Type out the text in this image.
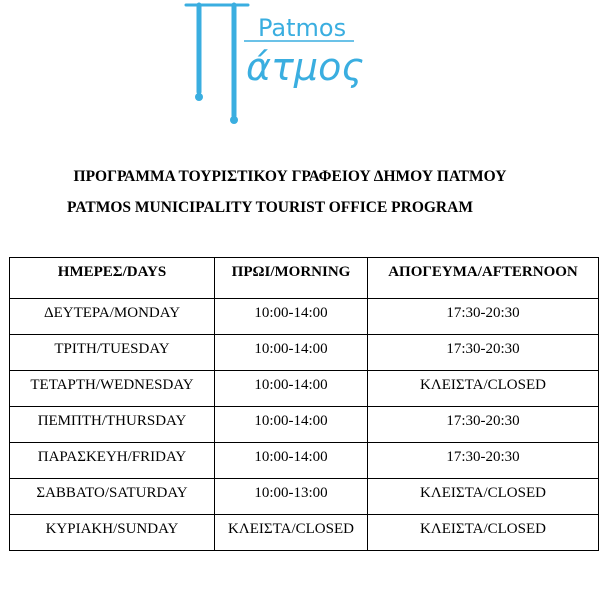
Patmos
άτμος
ΠΡΟΓΡΑΜΜΑ ΤΟΥΡΙΣΤΙΚΟΥ ΓΡΑΦΕΙΟΥ ΔΗΜΟΥ ΠΑΤΜΟΥ
PATMOS MUNICIPALITY TOURIST OFFICE PROGRAM
ΗΜΕΡΕΣ/DAYS	ΠΡΩΙ/MORNING	ΑΠΟΓΕΥΜΑ/AFTERNOON
ΔΕΥΤΕΡΑ/MONDAY	10:00-14:00	17:30-20:30
ΤΡΙΤΗ/TUESDAY	10:00-14:00	17:30-20:30
ΤΕΤΑΡΤΗ/WEDNESDAY	10:00-14:00	ΚΛΕΙΣΤΑ/CLOSED
ΠΕΜΠΤΗ/THURSDAY	10:00-14:00	17:30-20:30
ΠΑΡΑΣΚΕΥΗ/FRIDAY	10:00-14:00	17:30-20:30
ΣΑΒΒΑΤΟ/SATURDAY	10:00-13:00	ΚΛΕΙΣΤΑ/CLOSED
ΚΥΡΙΑΚΗ/SUNDAY	ΚΛΕΙΣΤΑ/CLOSED	ΚΛΕΙΣΤΑ/CLOSED
